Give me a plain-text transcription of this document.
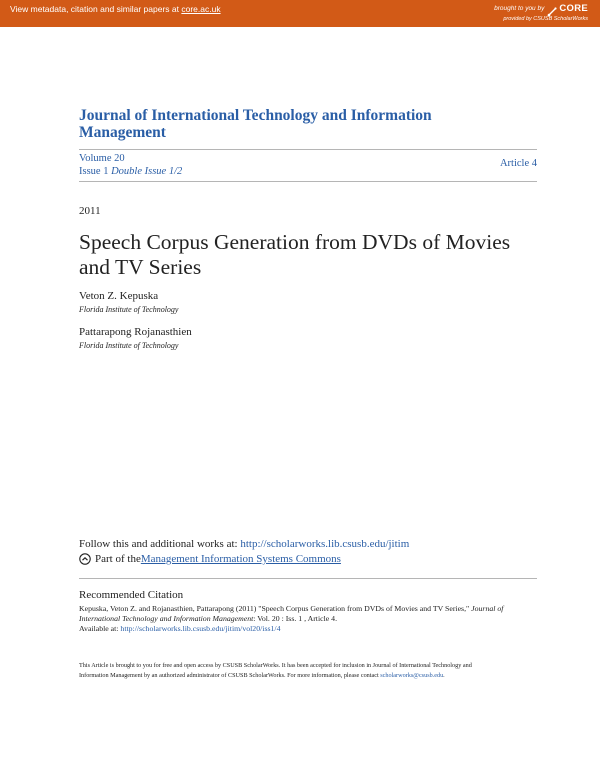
View metadata, citation and similar papers at core.ac.uk	brought to you by CORE
provided by CSUSB ScholarWorks
Journal of International Technology and Information Management
Volume 20
Issue 1 Double Issue 1/2
Article 4
2011
Speech Corpus Generation from DVDs of Movies and TV Series
Veton Z. Kepuska
Florida Institute of Technology
Pattarapong Rojanasthien
Florida Institute of Technology
Follow this and additional works at: http://scholarworks.lib.csusb.edu/jitim
Part of the Management Information Systems Commons
Recommended Citation
Kepuska, Veton Z. and Rojanasthien, Pattarapong (2011) "Speech Corpus Generation from DVDs of Movies and TV Series," Journal of International Technology and Information Management: Vol. 20 : Iss. 1 , Article 4.
Available at: http://scholarworks.lib.csusb.edu/jitim/vol20/iss1/4
This Article is brought to you for free and open access by CSUSB ScholarWorks. It has been accepted for inclusion in Journal of International Technology and Information Management by an authorized administrator of CSUSB ScholarWorks. For more information, please contact scholarworks@csusb.edu.
